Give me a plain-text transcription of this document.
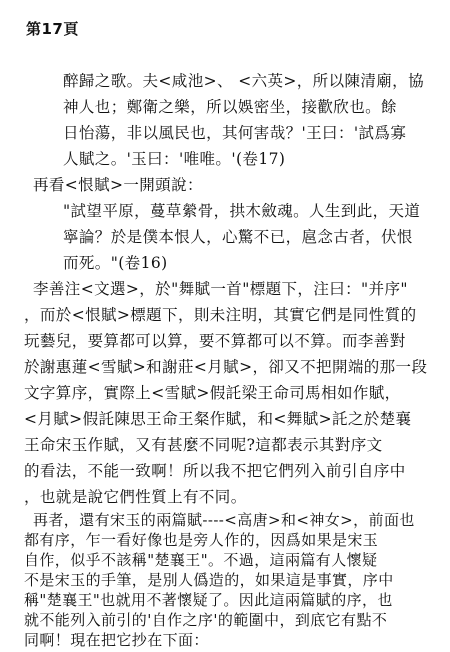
第17頁
醉歸之歌。夫<咸池>、 <六英>，所以陳清廟，協
神人也；鄭衛之樂，所以娛密坐，接歡欣也。餘
日怡蕩，非以風民也，其何害哉？'王曰：'試爲寡
人賦之。'玉曰：'唯唯。'(卷17)
再看<恨賦>一開頭說：
"試望平原，蔓草縈骨，拱木斂魂。人生到此，天道
寧論？於是僕本恨人，心驚不已，扈念古者，伏恨
而死。"(卷16)
李善注<文選>，於"舞賦一首"標題下，注曰："并序"
，而於<恨賦>標題下，則未注明，其實它們是同性質的
玩藝兒，要算都可以算，要不算都可以不算。而李善對
於謝惠蓮<雪賦>和謝莊<月賦>，卻又不把開端的那一段
文字算序，實際上<雪賦>假託梁王命司馬相如作賦，
<月賦>假託陳思王命王粲作賦，和<舞賦>託之於楚襄
王命宋玉作賦，又有甚麼不同呢?這都表示其對序文
的看法，不能一致啊！所以我不把它們列入前引自序中
，也就是說它們性質上有不同。
再者，還有宋玉的兩篇賦----<高唐>和<神女>，前面也
都有序，乍一看好像也是旁人作的，因爲如果是宋玉
自作，似乎不該稱"楚襄王"。不過，這兩篇有人懷疑
不是宋玉的手筆，是別人僞造的，如果這是事實，序中
稱"楚襄王"也就用不著懷疑了。因此這兩篇賦的序，也
就不能列入前引的'自作之序'的範圍中，到底它有點不
同啊！現在把它抄在下面：
